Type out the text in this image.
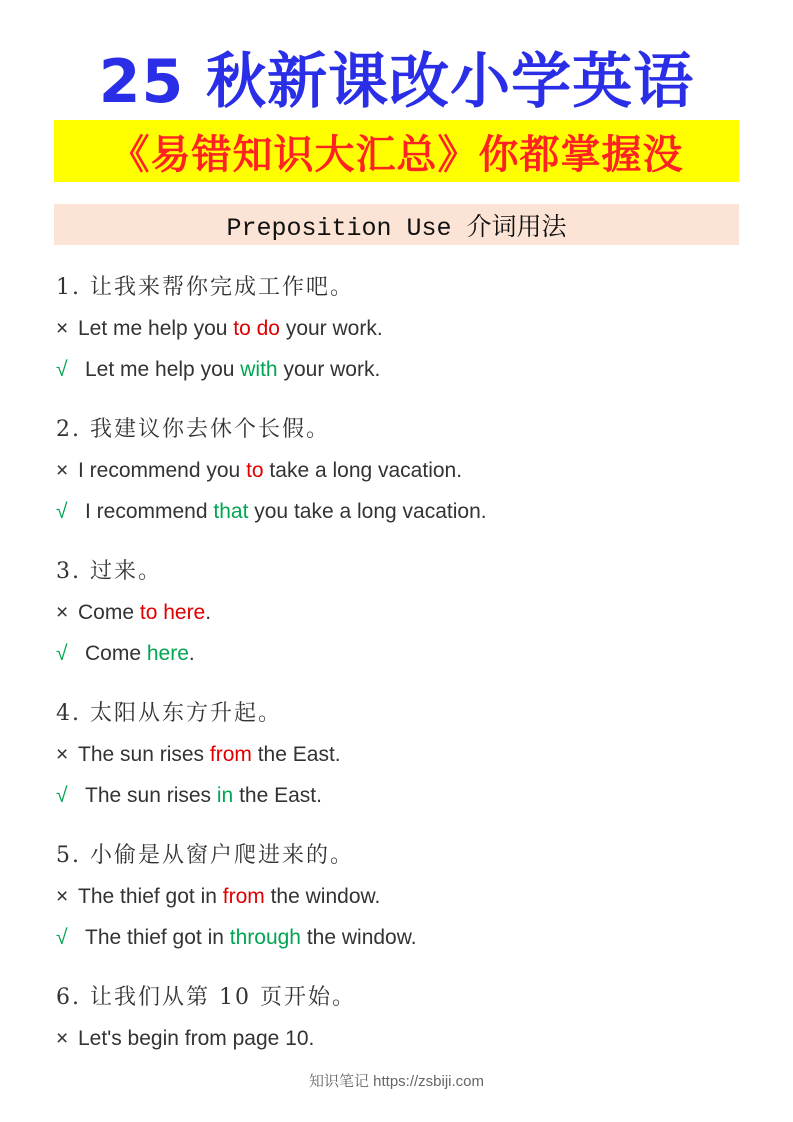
25 秋新课改小学英语
《易错知识大汇总》你都掌握没
Preposition Use 介词用法
1. 让我来帮你完成工作吧。
× Let me help you to do your work.
√ Let me help you with your work.
2. 我建议你去休个长假。
× I recommend you to take a long vacation.
√ I recommend that you take a long vacation.
3. 过来。
× Come to here.
√ Come here.
4. 太阳从东方升起。
× The sun rises from the East.
√ The sun rises in the East.
5. 小偷是从窗户爬进来的。
× The thief got in from the window.
√ The thief got in through the window.
6. 让我们从第 10 页开始。
× Let's begin from page 10.
知识笔记 https://zsbiji.com
